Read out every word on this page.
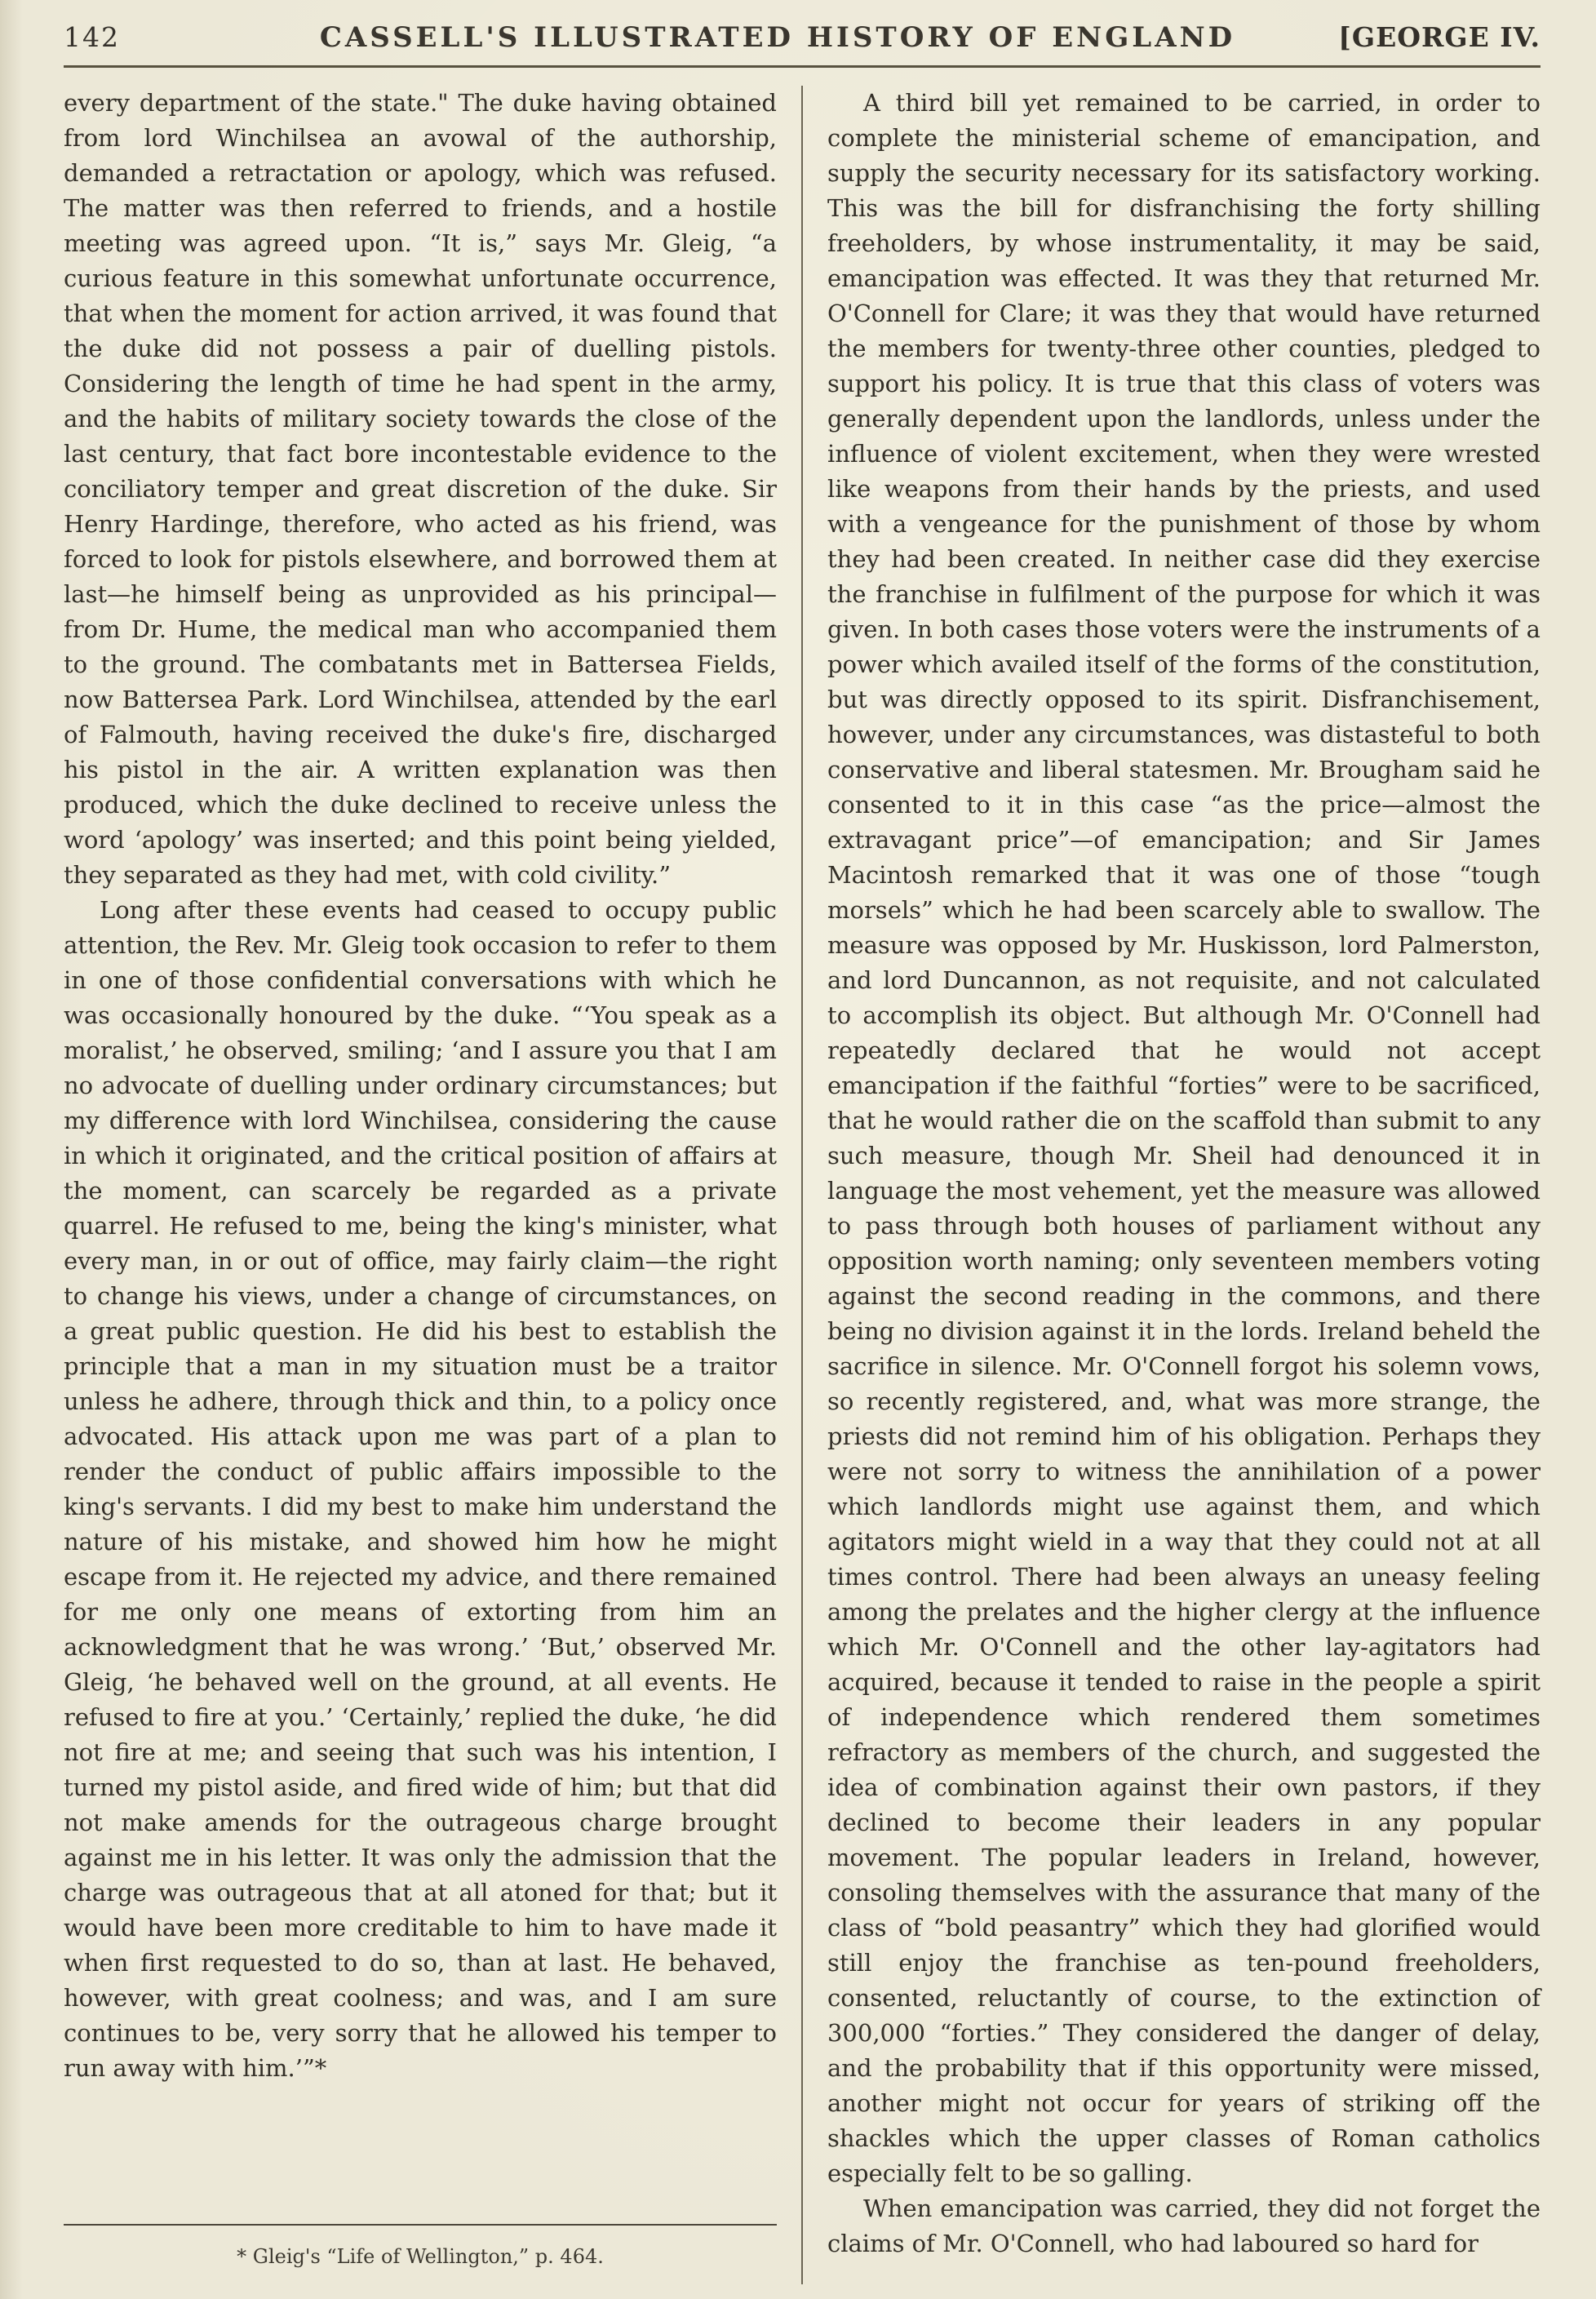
142	CASSELL'S ILLUSTRATED HISTORY OF ENGLAND	[GEORGE IV.

every department of the state." The duke having obtained from lord Winchilsea an avowal of the authorship, demanded a retractation or apology, which was refused. The matter was then referred to friends, and a hostile meeting was agreed upon. “It is,” says Mr. Gleig, “a curious feature in this somewhat unfortunate occurrence, that when the moment for action arrived, it was found that the duke did not possess a pair of duelling pistols. Considering the length of time he had spent in the army, and the habits of military society towards the close of the last century, that fact bore incontestable evidence to the conciliatory temper and great discretion of the duke. Sir Henry Hardinge, therefore, who acted as his friend, was forced to look for pistols elsewhere, and borrowed them at last—he himself being as unprovided as his principal—from Dr. Hume, the medical man who accompanied them to the ground. The combatants met in Battersea Fields, now Battersea Park. Lord Winchilsea, attended by the earl of Falmouth, having received the duke's fire, discharged his pistol in the air. A written explanation was then produced, which the duke declined to receive unless the word ‘apology’ was inserted; and this point being yielded, they separated as they had met, with cold civility.”

Long after these events had ceased to occupy public attention, the Rev. Mr. Gleig took occasion to refer to them in one of those confidential conversations with which he was occasionally honoured by the duke. “‘You speak as a moralist,’ he observed, smiling; ‘and I assure you that I am no advocate of duelling under ordinary circumstances; but my difference with lord Winchilsea, considering the cause in which it originated, and the critical position of affairs at the moment, can scarcely be regarded as a private quarrel. He refused to me, being the king's minister, what every man, in or out of office, may fairly claim—the right to change his views, under a change of circumstances, on a great public question. He did his best to establish the principle that a man in my situation must be a traitor unless he adhere, through thick and thin, to a policy once advocated. His attack upon me was part of a plan to render the conduct of public affairs impossible to the king's servants. I did my best to make him understand the nature of his mistake, and showed him how he might escape from it. He rejected my advice, and there remained for me only one means of extorting from him an acknowledgment that he was wrong.’ ‘But,’ observed Mr. Gleig, ‘he behaved well on the ground, at all events. He refused to fire at you.’ ‘Certainly,’ replied the duke, ‘he did not fire at me; and seeing that such was his intention, I turned my pistol aside, and fired wide of him; but that did not make amends for the outrageous charge brought against me in his letter. It was only the admission that the charge was outrageous that at all atoned for that; but it would have been more creditable to him to have made it when first requested to do so, than at last. He behaved, however, with great coolness; and was, and I am sure continues to be, very sorry that he allowed his temper to run away with him.’”*

* Gleig's “Life of Wellington,” p. 464.

A third bill yet remained to be carried, in order to complete the ministerial scheme of emancipation, and supply the security necessary for its satisfactory working. This was the bill for disfranchising the forty shilling freeholders, by whose instrumentality, it may be said, emancipation was effected. It was they that returned Mr. O'Connell for Clare; it was they that would have returned the members for twenty-three other counties, pledged to support his policy. It is true that this class of voters was generally dependent upon the landlords, unless under the influence of violent excitement, when they were wrested like weapons from their hands by the priests, and used with a vengeance for the punishment of those by whom they had been created. In neither case did they exercise the franchise in fulfilment of the purpose for which it was given. In both cases those voters were the instruments of a power which availed itself of the forms of the constitution, but was directly opposed to its spirit. Disfranchisement, however, under any circumstances, was distasteful to both conservative and liberal statesmen. Mr. Brougham said he consented to it in this case “as the price—almost the extravagant price”—of emancipation; and Sir James Macintosh remarked that it was one of those “tough morsels” which he had been scarcely able to swallow. The measure was opposed by Mr. Huskisson, lord Palmerston, and lord Duncannon, as not requisite, and not calculated to accomplish its object. But although Mr. O'Connell had repeatedly declared that he would not accept emancipation if the faithful “forties” were to be sacrificed, that he would rather die on the scaffold than submit to any such measure, though Mr. Sheil had denounced it in language the most vehement, yet the measure was allowed to pass through both houses of parliament without any opposition worth naming; only seventeen members voting against the second reading in the commons, and there being no division against it in the lords. Ireland beheld the sacrifice in silence. Mr. O'Connell forgot his solemn vows, so recently registered, and, what was more strange, the priests did not remind him of his obligation. Perhaps they were not sorry to witness the annihilation of a power which landlords might use against them, and which agitators might wield in a way that they could not at all times control. There had been always an uneasy feeling among the prelates and the higher clergy at the influence which Mr. O'Connell and the other lay-agitators had acquired, because it tended to raise in the people a spirit of independence which rendered them sometimes refractory as members of the church, and suggested the idea of combination against their own pastors, if they declined to become their leaders in any popular movement. The popular leaders in Ireland, however, consoling themselves with the assurance that many of the class of “bold peasantry” which they had glorified would still enjoy the franchise as ten-pound freeholders, consented, reluctantly of course, to the extinction of 300,000 “forties.” They considered the danger of delay, and the probability that if this opportunity were missed, another might not occur for years of striking off the shackles which the upper classes of Roman catholics especially felt to be so galling.

When emancipation was carried, they did not forget the claims of Mr. O'Connell, who had laboured so hard for
